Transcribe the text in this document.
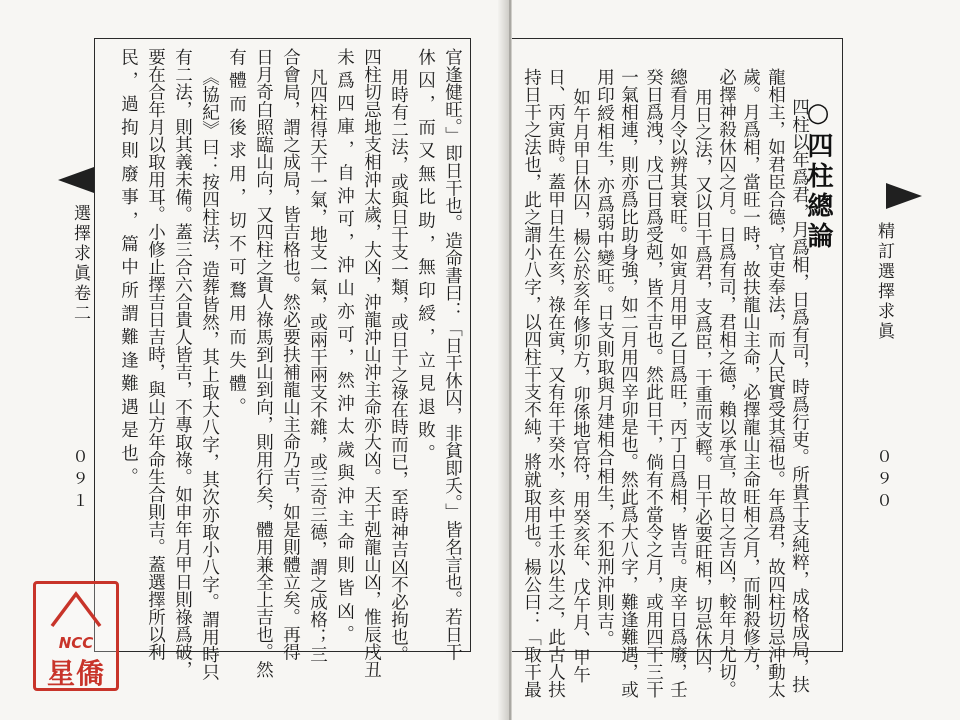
選擇求眞卷二
０９１	官逢健旺。」即日干也。造命書曰：「日干休囚，非貧即夭。」皆名言也。若日干
休囚，而又無比助，無印綬，立見退敗。
用時有二法，或與日干支一類，或日干之祿在時而已，至時神吉凶不必拘也。
四柱切忌地支相沖太歲，大凶，沖龍沖山沖主命亦大凶。天干剋龍山凶，惟辰戌丑
未爲四庫，自沖可，沖山亦可，然沖太歲與沖主命則皆凶。
凡四柱得天干一氣，地支一氣，或兩干兩支不雜，或三奇三德，謂之成格；三
合會局，謂之成局，皆吉格也。然必要扶補龍山主命乃吉，如是則體立矣。再得
日月奇白照臨山向，又四柱之貴人祿馬到山到向，則用行矣，體用兼全上吉也。然
有體而後求用，切不可鶩用而失體。
《協紀》曰：按四柱法，造葬皆然，其上取大八字，其次亦取小八字。謂用時只
有二法，則其義未備。蓋三合六合貴人皆吉，不專取祿。如申年月甲日則祿爲破，
要在合年月以取用耳。小修止擇吉日吉時，與山方年命生合則吉。蓋選擇所以利
民，過拘則廢事，篇中所謂難逢難遇是也。
NCC
星僑
精訂選擇求眞
０９０
○四柱總論
四柱以年爲君，月爲相，日爲有司，時爲行吏。所貴干支純粹，成格成局，扶
龍相主，如君臣合德，官吏奉法，而人民實受其福也。年爲君，故四柱切忌沖動太
歲。月爲相，當旺一時，故扶龍山主命，必擇龍山主命旺相之月，而制殺修方，
必擇神殺休囚之月。日爲有司，君相之德，賴以承宣，故日之吉凶，較年月尤切。
用日之法，又以日干爲君，支爲臣，干重而支輕。日干必要旺相，切忌休囚，
總看月令以辨其衰旺。如寅月用甲乙日爲旺，丙丁日爲相，皆吉。庚辛日爲廢，壬
癸日爲洩，戊己日爲受剋，皆不吉也。然此日干，倘有不當令之月，或用四干三干
一氣相連，則亦爲比助身強，如二月用四辛卯是也。然此爲大八字，難逢難遇，或
用印綬相生，亦爲弱中變旺。日支則取與月建相合相生，不犯刑沖則吉。
如午月甲日休囚，楊公於亥年修卯方，卯係地官符，用癸亥年、戊午月、甲午
日、丙寅時。蓋甲日生在亥，祿在寅，又有年干癸水，亥中壬水以生之，此古人扶
持日干之法也，此之謂小八字，以四柱干支不純，將就取用也。楊公曰：「取干最
